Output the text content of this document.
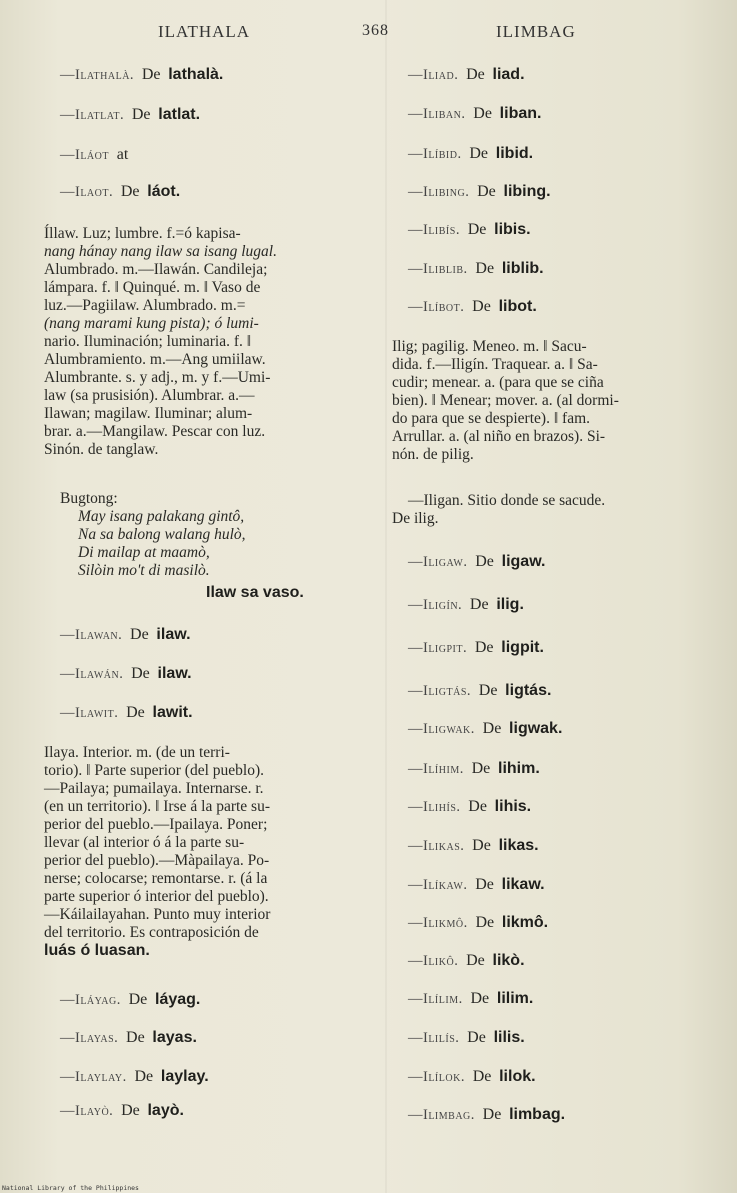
ILATHALA	368	ILIMBAG
—Ilathalà. De lathalà.
—Ilatlat. De latlat.
—Iláot at
—Ilaot. De láot.
Íllaw. Luz; lumbre. f.=ó kapisa-
nang hánay nang ilaw sa isang lugal.
Alumbrado. m.—Ilawán. Candileja;
lámpara. f. ‖ Quinqué. m. ‖ Vaso de
luz.—Pagiilaw. Alumbrado. m.=
(nang marami kung pista); ó lumi-
nario. Iluminación; luminaria. f. ‖
Alumbramiento. m.—Ang umiilaw.
Alumbrante. s. y adj., m. y f.—Umi-
law (sa prusisión). Alumbrar. a.—
Ilawan; magilaw. Iluminar; alum-
brar. a.—Mangilaw. Pescar con luz.
Sinón. de tanglaw.
Bugtong:
May isang palakang gintô,
Na sa balong walang hulò,
Di mailap at maamò,
Silòin mo't di masilò.
Ilaw sa vaso.
—Ilawan. De ilaw.
—Ilawán. De ilaw.
—Ilawit. De lawit.
Ilaya. Interior. m. (de un terri-
torio). ‖ Parte superior (del pueblo).
—Pailaya; pumailaya. Internarse. r.
(en un territorio). ‖ Irse á la parte su-
perior del pueblo.—Ipailaya. Poner;
llevar (al interior ó á la parte su-
perior del pueblo).—Màpailaya. Po-
nerse; colocarse; remontarse. r. (á la
parte superior ó interior del pueblo).
—Káilailayahan. Punto muy interior
del territorio. Es contraposición de
luás ó luasan.
—Iláyag. De láyag.
—Ilayas. De layas.
—Ilaylay. De laylay.
—Ilayò. De layò.
—Iliad. De liad.
—Iliban. De liban.
—Ilíbid. De libid.
—Ilibing. De libing.
—Ilibís. De libis.
—Iliblib. De liblib.
—Ilíbot. De libot.
Ilig; pagilig. Meneo. m. ‖ Sacu-
dida. f.—Iligín. Traquear. a. ‖ Sa-
cudir; menear. a. (para que se ciña
bien). ‖ Menear; mover. a. (al dormi-
do para que se despierte). ‖ fam.
Arrullar. a. (al niño en brazos). Si-
nón. de pilig.
—Iligan. Sitio donde se sacude.
De ilig.
—Iligaw. De ligaw.
—Iligín. De ilig.
—Iligpit. De ligpit.
—Iligtás. De ligtás.
—Iligwak. De ligwak.
—Ilíhim. De lihim.
—Ilihís. De lihis.
—Ilikas. De likas.
—Ilíkaw. De likaw.
—Ilikmô. De likmô.
—Ilikô. De likò.
—Ilílim. De lilim.
—Ililís. De lilis.
—Ilílok. De lilok.
—Ilimbag. De limbag.
National Library of the Philippines
